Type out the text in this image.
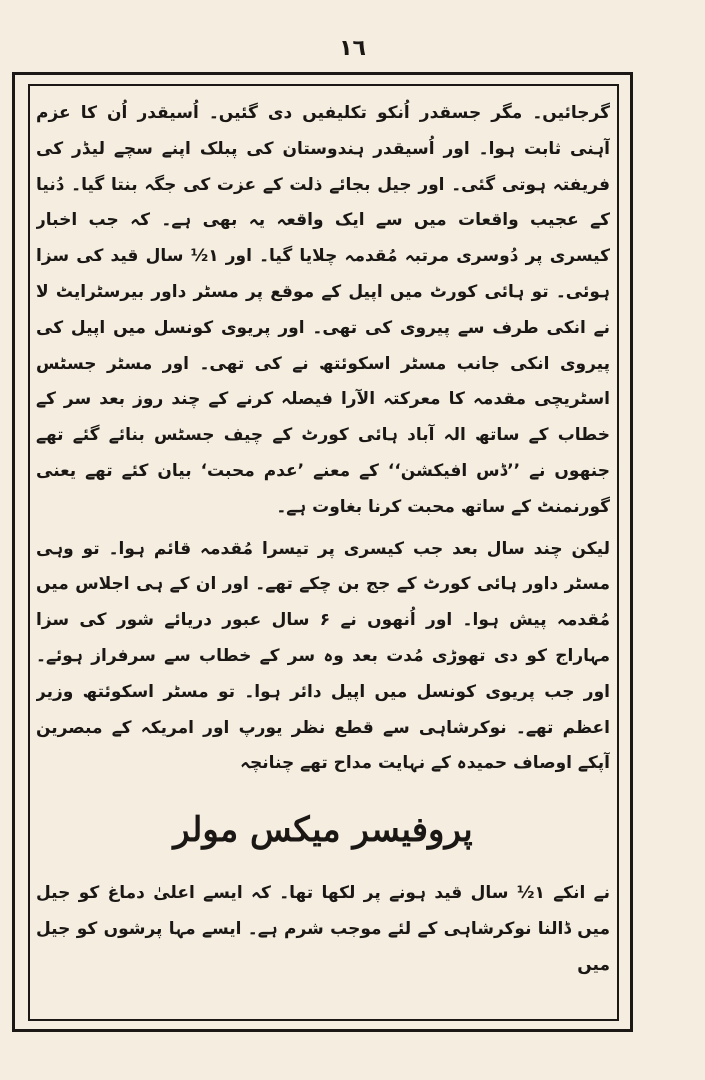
١٦

گرجائیں۔ مگر جسقدر اُنکو تکلیفیں دی گئیں۔ اُسیقدر اُن کا عزم آہنی ثابت ہوا۔ اور اُسیقدر ہندوستان کی پبلک اپنے سچے لیڈر کی فریفتہ ہوتی گئی۔ اور جیل بجائے ذلت کے عزت کی جگہ بنتا گیا۔ دُنیا کے عجیب واقعات میں سے ایک واقعہ یہ بھی ہے۔ کہ جب اخبار کیسری پر دُوسری مرتبہ مُقدمہ چلایا گیا۔ اور ۱½ سال قید کی سزا ہوئی۔ تو ہائی کورٹ میں اپیل کے موقع پر مسٹر داور بیرسٹرایٹ لا نے انکی طرف سے پیروی کی تھی۔ اور پریوی کونسل میں اپیل کی پیروی انکی جانب مسٹر اسکوئتھ نے کی تھی۔ اور مسٹر جسٹس اسٹریچی مقدمہ کا معرکتہ الآرا فیصلہ کرنے کے چند روز بعد سر کے خطاب کے ساتھ الہ آباد ہائی کورٹ کے چیف جسٹس بنائے گئے تھے جنھوں نے ’’ڈس افیکشن‘‘ کے معنے ’عدم محبت‘ بیان کئے تھے یعنی گورنمنٹ کے ساتھ محبت کرنا بغاوت ہے۔

لیکن چند سال بعد جب کیسری پر تیسرا مُقدمہ قائم ہوا۔ تو وہی مسٹر داور ہائی کورٹ کے جج بن چکے تھے۔ اور ان کے ہی اجلاس میں مُقدمہ پیش ہوا۔ اور اُنھوں نے ۶ سال عبور دریائے شور کی سزا مہاراج کو دی تھوڑی مُدت بعد وہ سر کے خطاب سے سرفراز ہوئے۔ اور جب پریوی کونسل میں اپیل دائر ہوا۔ تو مسٹر اسکوئتھ وزیر اعظم تھے۔ نوکرشاہی سے قطع نظر یورپ اور امریکہ کے مبصرین آپکے اوصاف حمیدہ کے نہایت مداح تھے چنانچہ

پروفیسر میکس مولر

نے انکے ۱½ سال قید ہونے پر لکھا تھا۔ کہ ایسے اعلیٰ دماغ کو جیل میں ڈالنا نوکرشاہی کے لئے موجب شرم ہے۔ ایسے مہا پرشوں کو جیل میں
